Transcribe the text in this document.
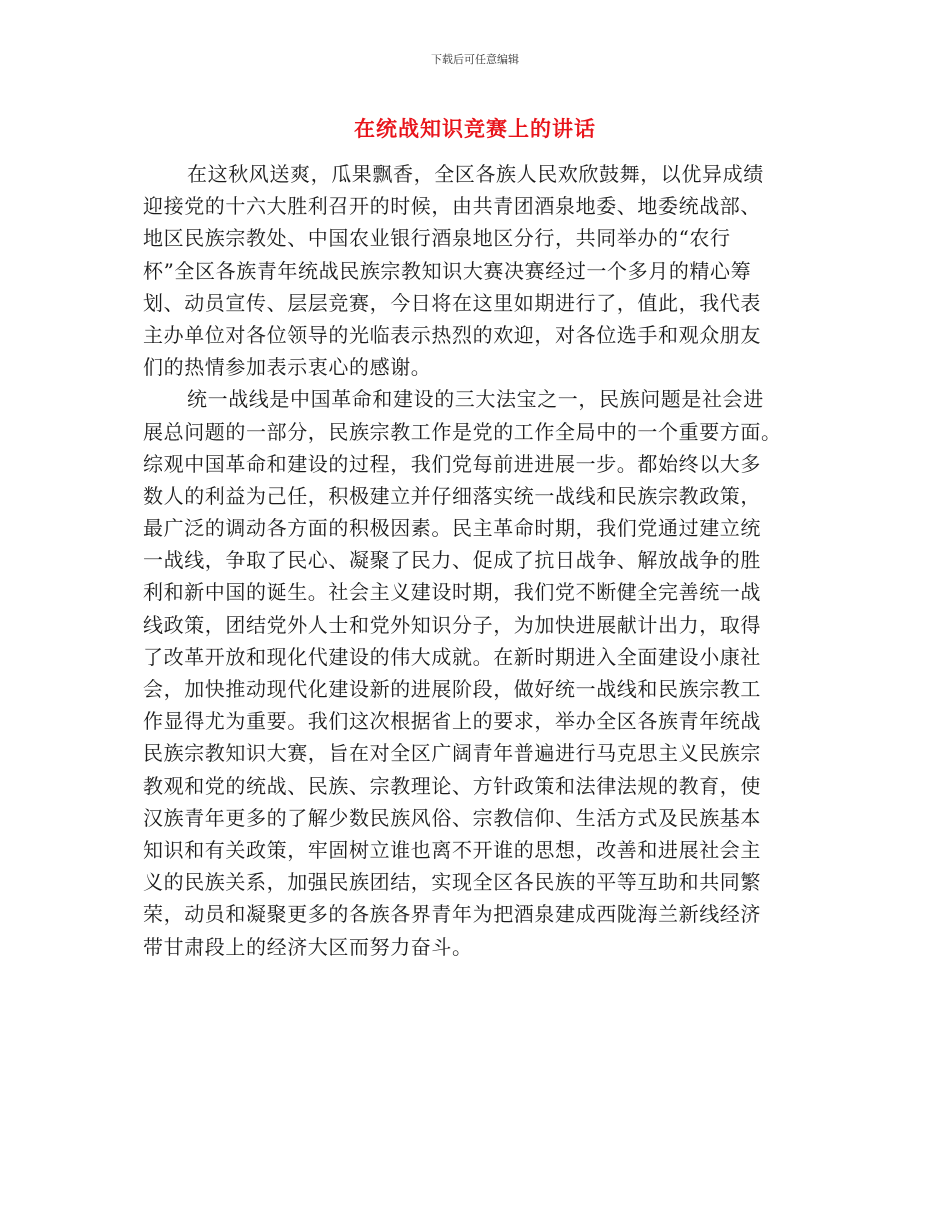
下载后可任意编辑
在统战知识竞赛上的讲话

在这秋风送爽，瓜果飘香，全区各族人民欢欣鼓舞，以优异成绩

迎接党的十六大胜利召开的时候，由共青团酒泉地委、地委统战部、

地区民族宗教处、中国农业银行酒泉地区分行，共同举办的“农行

杯”全区各族青年统战民族宗教知识大赛决赛经过一个多月的精心筹

划、动员宣传、层层竞赛，今日将在这里如期进行了，值此，我代表

主办单位对各位领导的光临表示热烈的欢迎，对各位选手和观众朋友

们的热情参加表示衷心的感谢。

统一战线是中国革命和建设的三大法宝之一，民族问题是社会进

展总问题的一部分，民族宗教工作是党的工作全局中的一个重要方面。

综观中国革命和建设的过程，我们党每前进进展一步。都始终以大多

数人的利益为己任，积极建立并仔细落实统一战线和民族宗教政策，

最广泛的调动各方面的积极因素。民主革命时期，我们党通过建立统

一战线，争取了民心、凝聚了民力、促成了抗日战争、解放战争的胜

利和新中国的诞生。社会主义建设时期，我们党不断健全完善统一战

线政策，团结党外人士和党外知识分子，为加快进展献计出力，取得

了改革开放和现化代建设的伟大成就。在新时期进入全面建设小康社

会，加快推动现代化建设新的进展阶段，做好统一战线和民族宗教工

作显得尤为重要。我们这次根据省上的要求，举办全区各族青年统战

民族宗教知识大赛，旨在对全区广阔青年普遍进行马克思主义民族宗

教观和党的统战、民族、宗教理论、方针政策和法律法规的教育，使

汉族青年更多的了解少数民族风俗、宗教信仰、生活方式及民族基本

知识和有关政策，牢固树立谁也离不开谁的思想，改善和进展社会主

义的民族关系，加强民族团结，实现全区各民族的平等互助和共同繁

荣，动员和凝聚更多的各族各界青年为把酒泉建成西陇海兰新线经济

带甘肃段上的经济大区而努力奋斗。
